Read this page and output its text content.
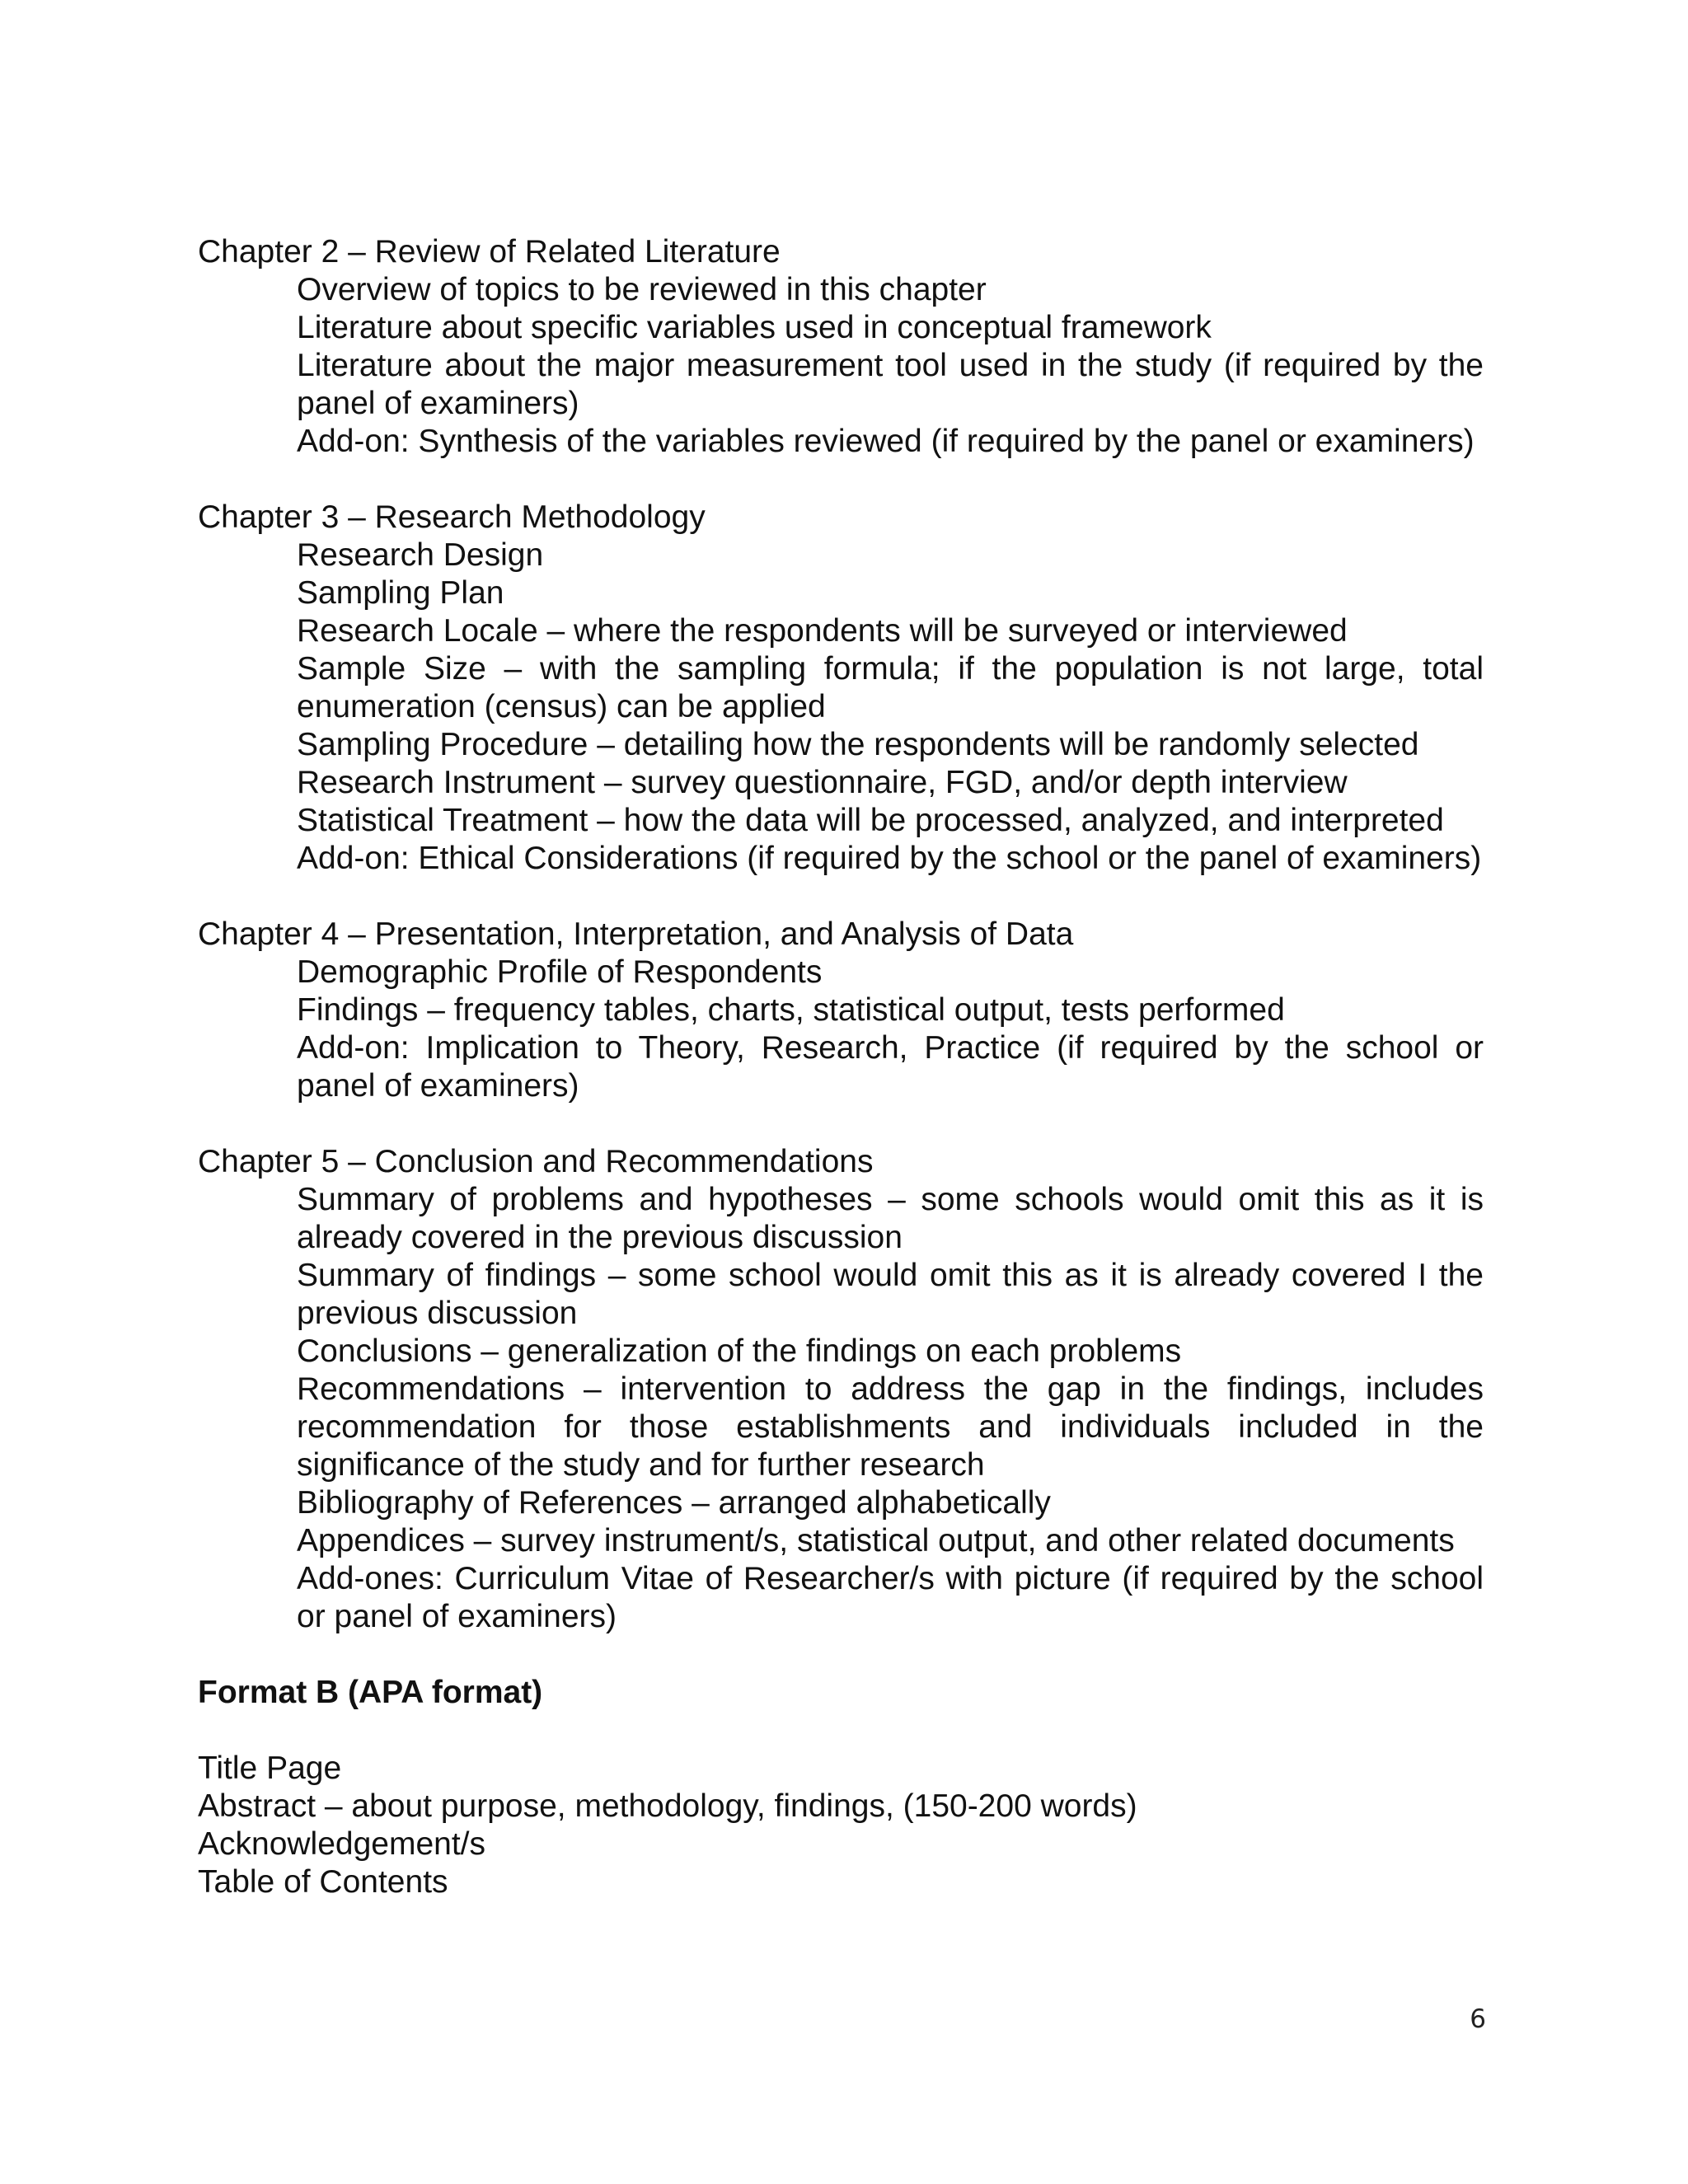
Chapter 2 – Review of Related Literature
Overview of topics to be reviewed in this chapter
Literature about specific variables used in conceptual framework
Literature about the major measurement tool used in the study (if required by the panel of examiners)
Add-on: Synthesis of the variables reviewed (if required by the panel or examiners)
Chapter 3 – Research Methodology
Research Design
Sampling Plan
Research Locale – where the respondents will be surveyed or interviewed
Sample Size – with the sampling formula; if the population is not large, total enumeration (census) can be applied
Sampling Procedure – detailing how the respondents will be randomly selected
Research Instrument – survey questionnaire, FGD, and/or depth interview
Statistical Treatment – how the data will be processed, analyzed, and interpreted
Add-on: Ethical Considerations (if required by the school or the panel of examiners)
Chapter 4 – Presentation, Interpretation, and Analysis of Data
Demographic Profile of Respondents
Findings – frequency tables, charts, statistical output, tests performed
Add-on: Implication to Theory, Research, Practice (if required by the school or panel of examiners)
Chapter 5 – Conclusion and Recommendations
Summary of problems and hypotheses – some schools would omit this as it is already covered in the previous discussion
Summary of findings – some school would omit this as it is already covered I the previous discussion
Conclusions – generalization of the findings on each problems
Recommendations – intervention to address the gap in the findings, includes recommendation for those establishments and individuals included in the significance of the study and for further research
Bibliography of References – arranged alphabetically
Appendices – survey instrument/s, statistical output, and other related documents
Add-ones: Curriculum Vitae of Researcher/s with picture (if required by the school or panel of examiners)
Format B (APA format)
Title Page
Abstract – about purpose, methodology, findings, (150-200 words)
Acknowledgement/s
Table of Contents
6
